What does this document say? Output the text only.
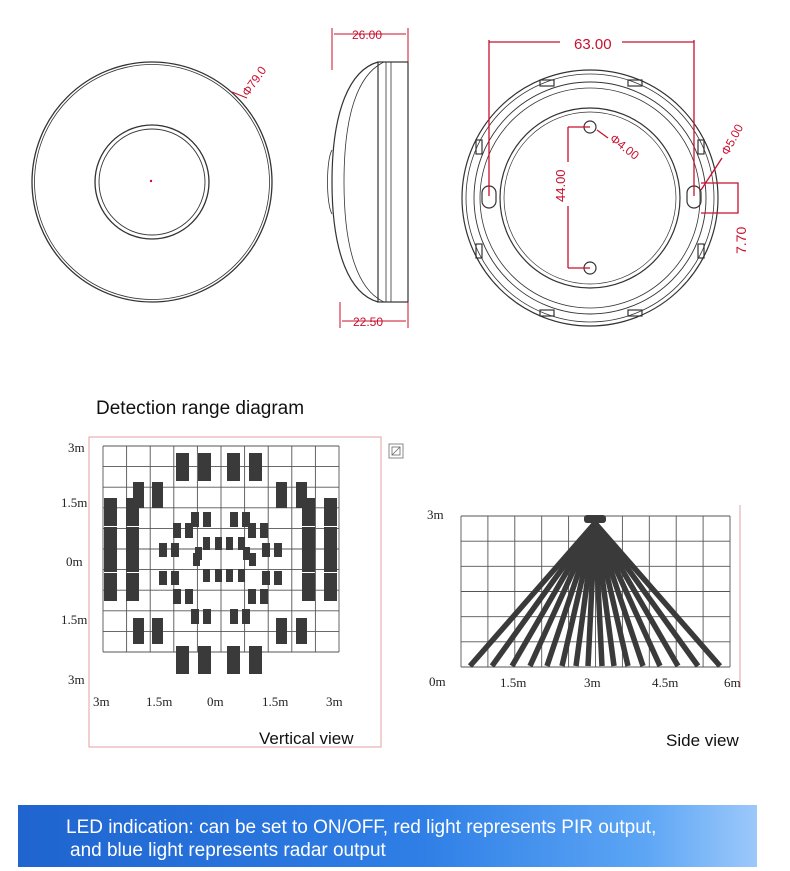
Φ79.0
26.00
22.50
63.00
44.00
Φ4.00	Φ5.00
7.70
Detection range diagram
3m
1.5m
0m
1.5m
3m
3m	1.5m	0m	1.5m	3m
Vertical view
3m
0m	1.5m	3m	4.5m	6m
Side view
LED indication: can be set to ON/OFF, red light represents PIR output,
and blue light represents radar output
